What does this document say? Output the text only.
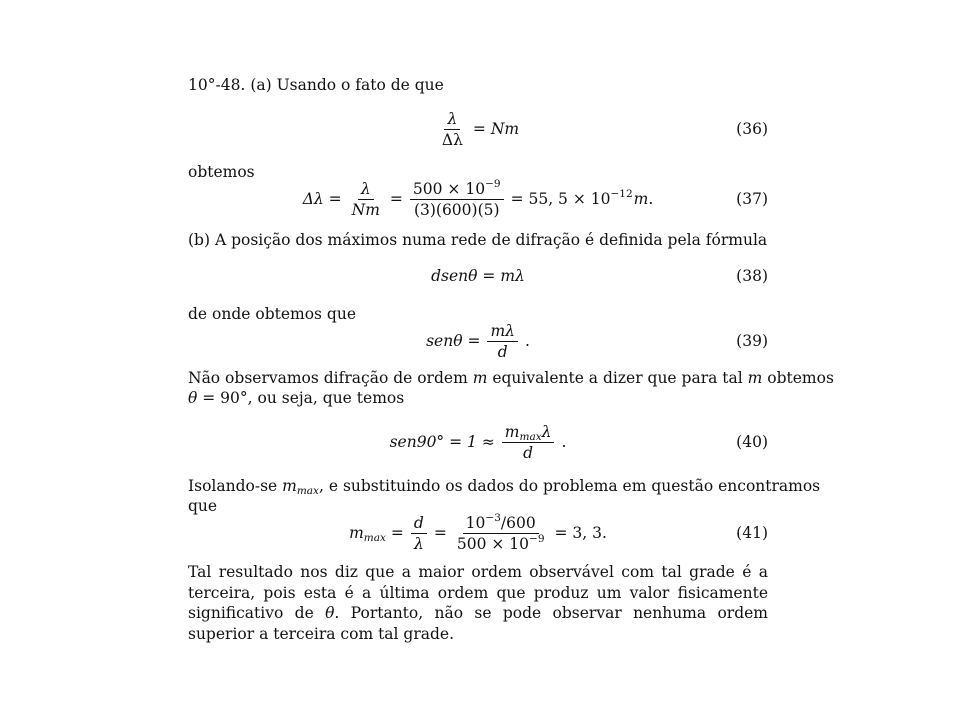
10°-48. (a) Usando o fato de que
$\frac{\lambda}{\Delta\lambda} = Nm$	(36)
obtemos
$\Delta\lambda = \frac{\lambda}{Nm} = \frac{500 \times 10^{-9}}{(3)(600)(5)} = 55$, $5 \times 10^{-12}$ m.	(37)
(b) A posição dos máximos numa rede de difração é definida pela fórmula
dsenθ = mλ	(38)
de onde obtemos que
$sen\theta = \frac{m\lambda}{d}$ .	(39)
Não observamos difração de ordem m equivalente a dizer que para tal m obtemos
θ = 90°, ou seja, que temos
$sen90^\circ = 1 \approx \frac{m_{max}\lambda}{d}$ .	(40)
Isolando-se $m_{max}$, e substituindo os dados do problema em questão encontramos
que
$m_{max} = \frac{d}{\lambda} = \frac{10^{-3}/600}{500 \times 10^{-9}} = 3$, 3.	(41)
Tal resultado nos diz que a maior ordem observável com tal grade é a terceira, pois esta é a última ordem que produz um valor fisicamente significativo de θ. Portanto, não se pode observar nenhuma ordem superior a terceira com tal grade.
